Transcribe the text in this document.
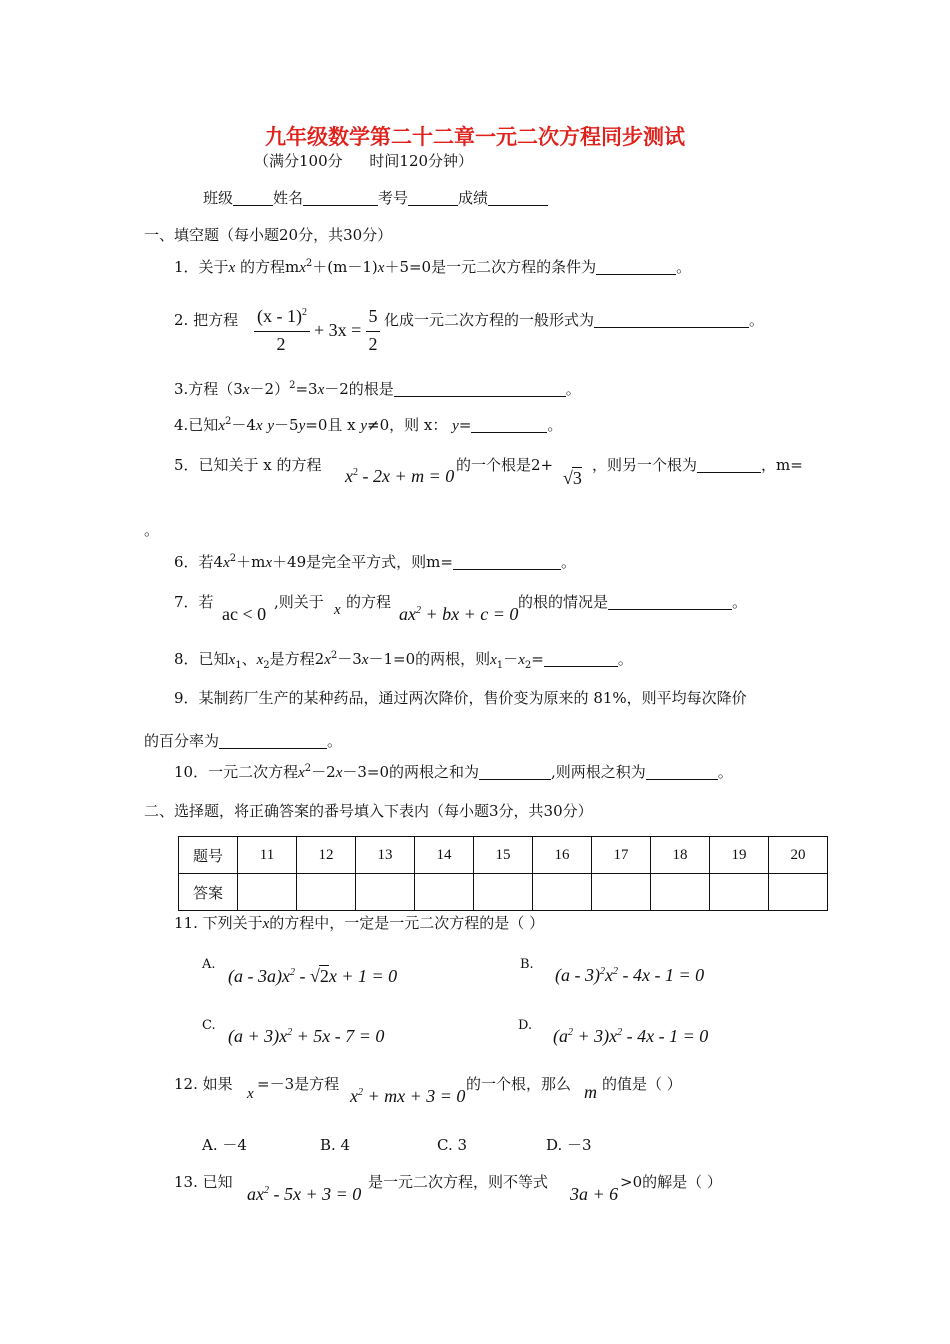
九年级数学第二十二章一元二次方程同步测试
（满分100分 时间120分钟）
班级	姓名	考号	成绩
一、填空题（每小题20分，共30分）
1．关于x 的方程$mx^2+(m-1)x+5=0$是一元二次方程的条件为	。
2. 把方程 (x - 1)$^2$
2
+ 3x =
5
2
化成一元二次方程的一般形式为	。
3.方程$(3x-2)^2=3x-2$的根是	。
4.已知$x^2-4x$ y－5y=0且 x y≠0，则 x： y=	。
5．已知关于 x 的方程
$x^2 - 2x + m = 0$
的一个根是2+
√3
，则另一个根为	，m=
。
6．若$4x^2+mx+49$是完全平方式，则m=	。
7．若
ac < 0
,则关于 x 的方程
$ax^2$ + bx + c = 0
的根的情况是	。
8．已知$x_1$、$x_2$是方程$2x^2-3x-1=0$的两根，则$x_1-x_2=$	。
9．某制药厂生产的某种药品，通过两次降价，售价变为原来的 81%，则平均每次降价
的百分率为	。
10．一元二次方程$x^2-2x-3=0$的两根之和为	,则两根之积为	。
二、选择题，将正确答案的番号填入下表内（每小题3分，共30分）
题号	11	12	13	14	15	16	17	18	19	20
答案										
11. 下列关于x的方程中，一定是一元二次方程的是（ ）
A.
$(a - 3a)x^2 - √2x + 1 = 0$
B.
$(a - 3)^2x^2 - 4x - 1 = 0$
C.
$(a + 3)x^2 + 5x - 7 = 0$
D.
$(a^2 + 3)x^2 - 4x - 1 = 0$
12. 如果
x
=－3是方程
$x^2$ + mx + 3 = 0
的一个根，那么 m 的值是（ ）
A. －4	B. 4	C. 3	D. －3
13. 已知
$ax^2 - 5x + 3 = 0$
是一元二次方程，则不等式
3a + 6
>0的解是（ ）
